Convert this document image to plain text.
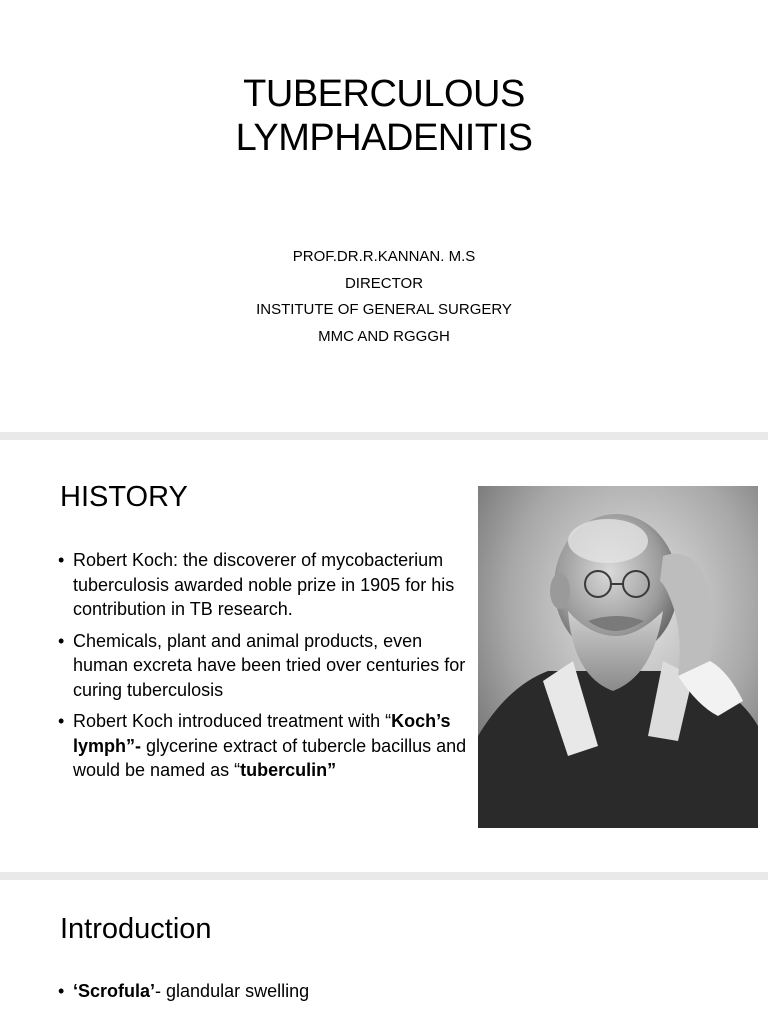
TUBERCULOUS
LYMPHADENITIS
PROF.DR.R.KANNAN. M.S
DIRECTOR
INSTITUTE OF GENERAL SURGERY
MMC AND RGGGH
HISTORY
• Robert Koch: the discoverer of mycobacterium tuberculosis awarded noble prize in 1905 for his contribution in TB research.
• Chemicals, plant and animal products, even human excreta have been tried over centuries for curing tuberculosis
• Robert Koch introduced treatment with “Koch’s lymph”- glycerine extract of tubercle bacillus and would be named as “tuberculin”
Introduction
• ‘Scrofula’- glandular swelling
